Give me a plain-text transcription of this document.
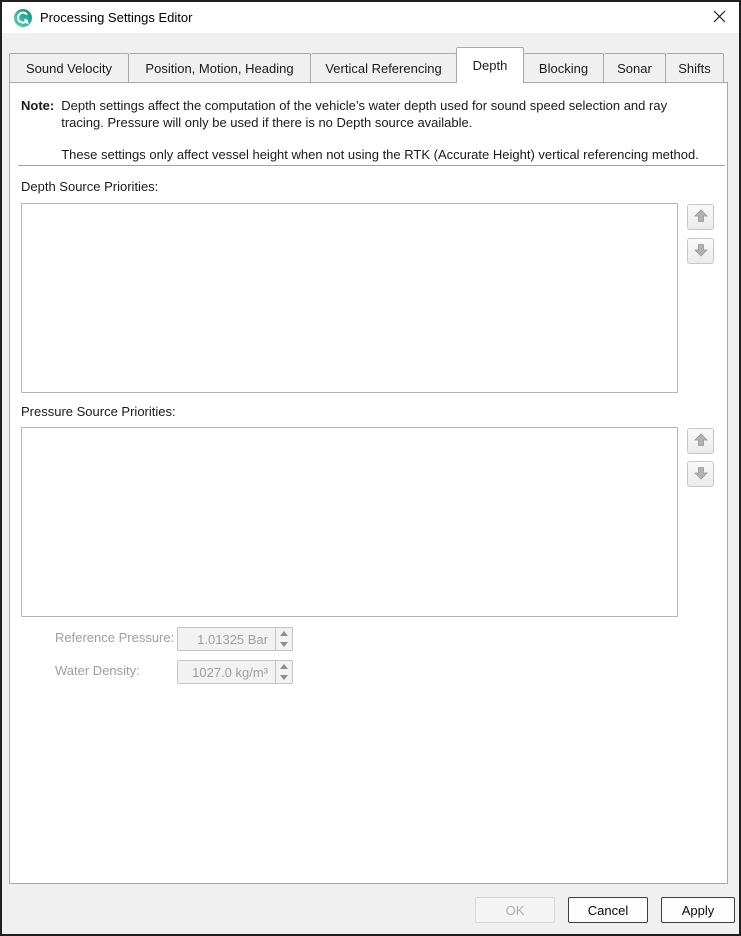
Processing Settings Editor
Sound Velocity	Position, Motion, Heading Vertical Referencing Depth Blocking Sonar Shifts
Note: Depth settings affect the computation of the vehicle’s water depth used for sound speed selection and ray tracing. Pressure will only be used if there is no Depth source available.

These settings only affect vessel height when not using the RTK (Accurate Height) vertical referencing method.

Depth Source Priorities:
Pressure Source Priorities:
Reference Pressure:	1.01325 Bar
Water Density:	1027.0 kg/m³
OK	Cancel	Apply
